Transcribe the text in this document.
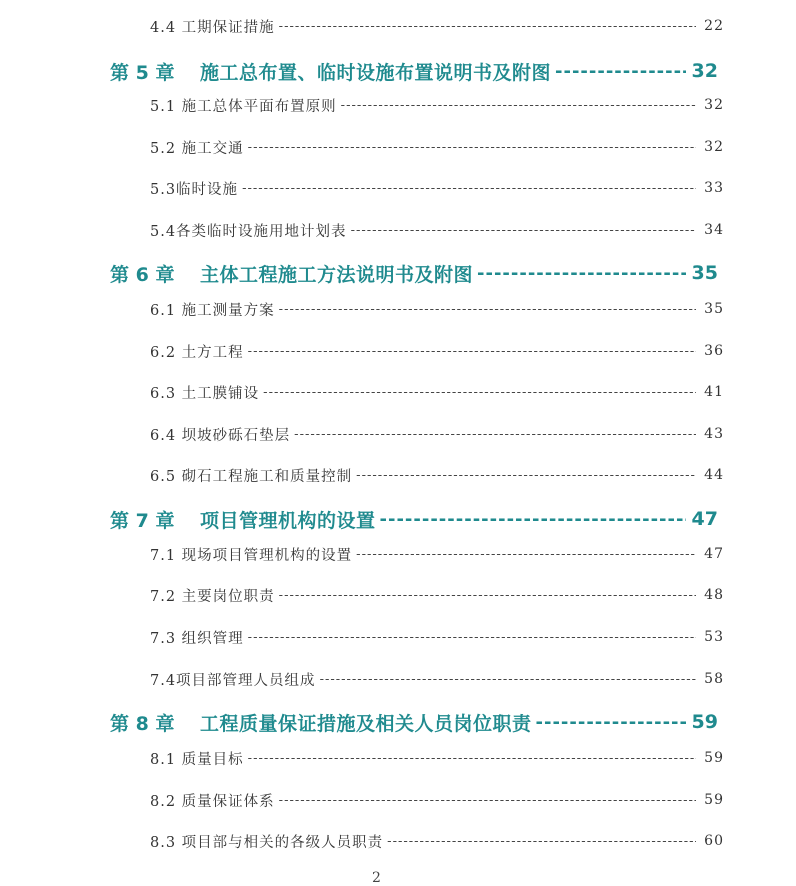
4.4 工期保证措施 -----	22
第 5 章	施工总布置、临时设施布置说明书及附图 -----	32
5.1 施工总体平面布置原则 -----	32
5.2 施工交通 -----	32
5.3临时设施 -----	33
5.4各类临时设施用地计划表 -----	34
第 6 章	主体工程施工方法说明书及附图 -----	35
6.1 施工测量方案 -----	35
6.2 土方工程 -----	36
6.3 土工膜铺设 -----	41
6.4 坝坡砂砾石垫层 -----	43
6.5 砌石工程施工和质量控制 -----	44
第 7 章	项目管理机构的设置 -----	47
7.1 现场项目管理机构的设置 -----	47
7.2 主要岗位职责 -----	48
7.3 组织管理 -----	53
7.4项目部管理人员组成 -----	58
第 8 章	工程质量保证措施及相关人员岗位职责 -----	59
8.1 质量目标 -----	59
8.2 质量保证体系 -----	59
8.3 项目部与相关的各级人员职责 -----	60
2
